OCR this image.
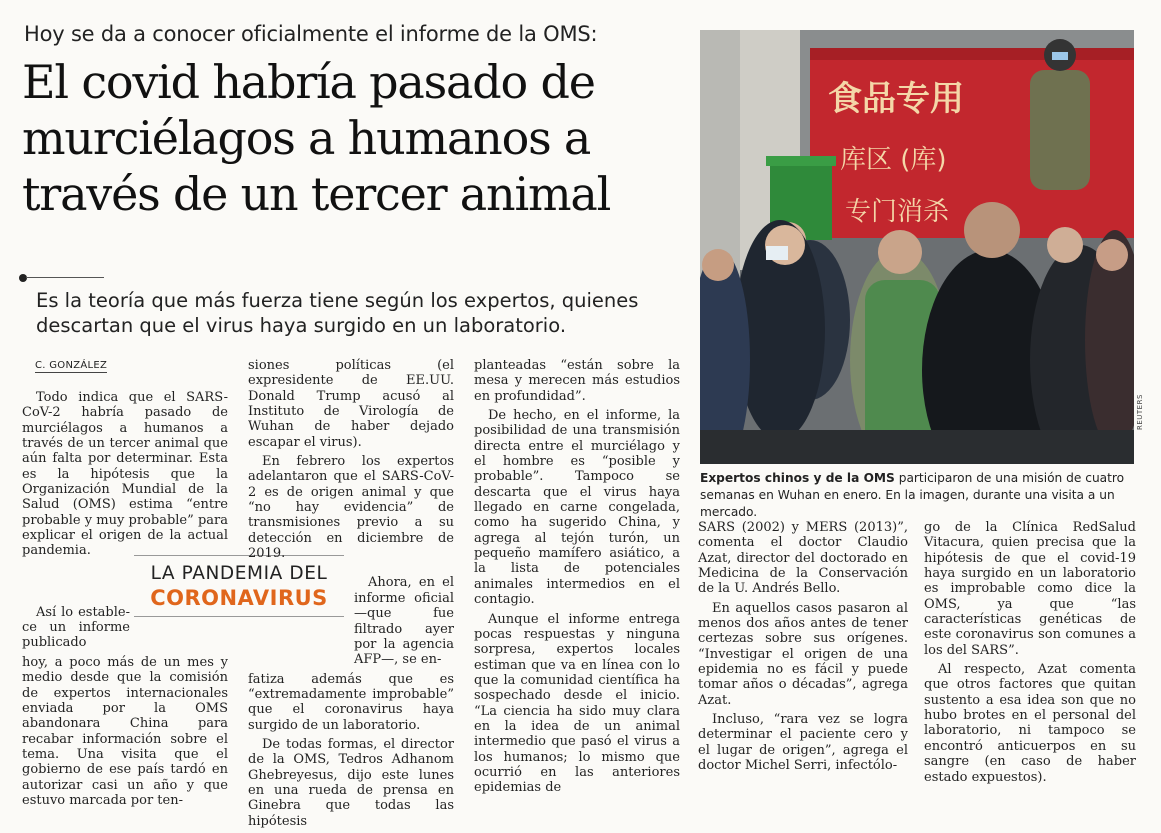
Hoy se da a conocer oficialmente el informe de la OMS:
El covid habría pasado de
murciélagos a humanos a
través de un tercer animal
Es la teoría que más fuerza tiene según los expertos, quienes
descartan que el virus haya surgido en un laboratorio.
C. GONZÁLEZ

Todo indica que el SARS-CoV-2 habría pasado de murciélagos a humanos a través de un tercer animal que aún falta por determinar. Esta es la hipótesis que la Organización Mundial de la Salud (OMS) estima “entre probable y muy probable” para explicar el origen de la actual pandemia.

Así lo establece un informe publicado

hoy, a poco más de un mes y medio desde que la comisión de expertos internacionales enviada por la OMS abandonara China para recabar información sobre el tema. Una visita que el gobierno de ese país tardó en autorizar casi un año y que estuvo marcada por ten-

LA PANDEMIA DEL
CORONAVIRUS

siones políticas (el expresidente de EE.UU. Donald Trump acusó al Instituto de Virología de Wuhan de haber dejado escapar el virus).

En febrero los expertos adelantaron que el SARS-CoV-2 es de origen animal y que “no hay evidencia” de transmisiones previo a su detección en diciembre de 2019.

Ahora, en el informe oficial —que fue filtrado ayer por la agencia AFP—, se en-

fatiza además que es “extremadamente improbable” que el coronavirus haya surgido de un laboratorio.

De todas formas, el director de la OMS, Tedros Adhanom Ghebreyesus, dijo este lunes en una rueda de prensa en Ginebra que todas las hipótesis

planteadas “están sobre la mesa y merecen más estudios en profundidad”.

De hecho, en el informe, la posibilidad de una transmisión directa entre el murciélago y el hombre es “posible y probable”. Tampoco se descarta que el virus haya llegado en carne congelada, como ha sugerido China, y agrega al tejón turón, un pequeño mamífero asiático, a la lista de potenciales animales intermedios en el contagio.

Aunque el informe entrega pocas respuestas y ninguna sorpresa, expertos locales estiman que va en línea con lo que la comunidad científica ha sospechado desde el inicio. “La ciencia ha sido muy clara en la idea de un animal intermedio que pasó el virus a los humanos; lo mismo que ocurrió en las anteriores epidemias de

SARS (2002) y MERS (2013)”, comenta el doctor Claudio Azat, director del doctorado en Medicina de la Conservación de la U. Andrés Bello.

En aquellos casos pasaron al menos dos años antes de tener certezas sobre sus orígenes. “Investigar el origen de una epidemia no es fácil y puede tomar años o décadas”, agrega Azat.

Incluso, “rara vez se logra determinar el paciente cero y el lugar de origen”, agrega el doctor Michel Serri, infectólo-

go de la Clínica RedSalud Vitacura, quien precisa que la hipótesis de que el covid-19 haya surgido en un laboratorio es improbable como dice la OMS, ya que “las características genéticas de este coronavirus son comunes a los del SARS”.

Al respecto, Azat comenta que otros factores que quitan sustento a esa idea son que no hubo brotes en el personal del laboratorio, ni tampoco se encontró anticuerpos en su sangre (en caso de haber estado expuestos).

食品专用
库区 (库)
专门消杀
REUTERS
Expertos chinos y de la OMS participaron de una misión de cuatro semanas en Wuhan en enero. En la imagen, durante una visita a un mercado.
